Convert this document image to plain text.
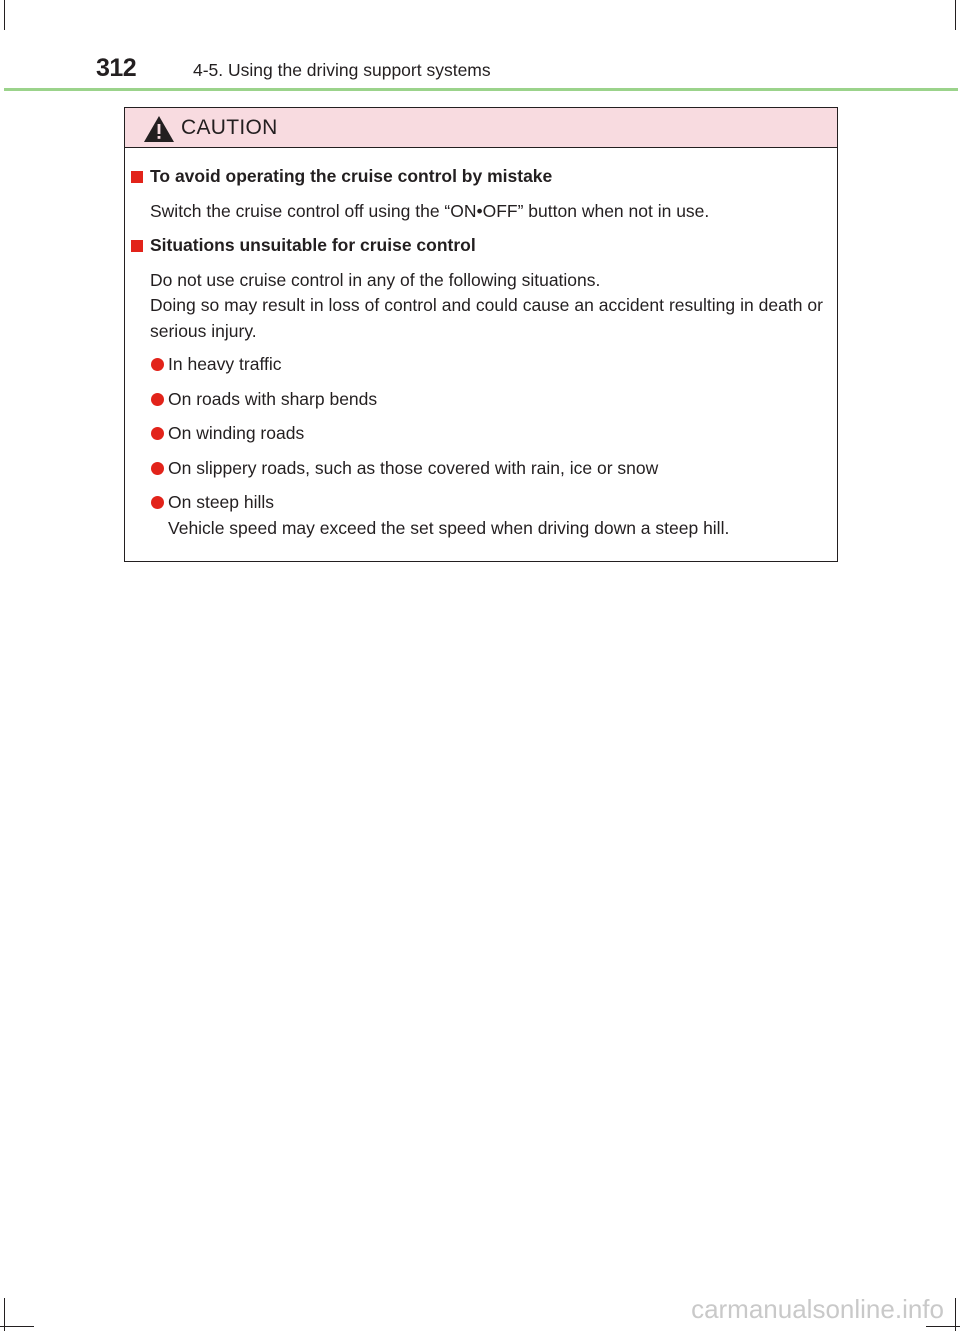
312	4-5. Using the driving support systems
CAUTION
To avoid operating the cruise control by mistake
Switch the cruise control off using the “ON•OFF” button when not in use.
Situations unsuitable for cruise control
Do not use cruise control in any of the following situations.
Doing so may result in loss of control and could cause an accident resulting in death or serious injury.
In heavy traffic
On roads with sharp bends
On winding roads
On slippery roads, such as those covered with rain, ice or snow
On steep hills
Vehicle speed may exceed the set speed when driving down a steep hill.
carmanualsonline.info
